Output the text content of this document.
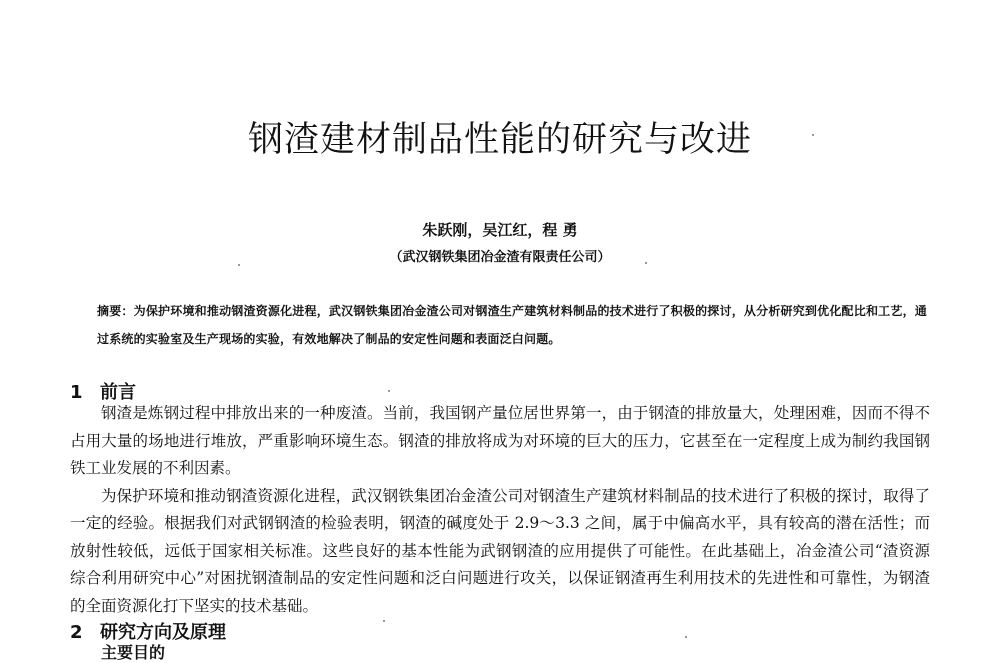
钢渣建材制品性能的研究与改进
朱跃刚，吴江红，程 勇
（武汉钢铁集团冶金渣有限责任公司）
摘要：为保护环境和推动钢渣资源化进程，武汉钢铁集团冶金渣公司对钢渣生产建筑材料制品的技术进行了积极的探讨，从分析研究到优化配比和工艺，通过系统的实验室及生产现场的实验，有效地解决了制品的安定性问题和表面泛白问题。
1 前言

钢渣是炼钢过程中排放出来的一种废渣。当前，我国钢产量位居世界第一，由于钢渣的排放量大，处理困难，因而不得不占用大量的场地进行堆放，严重影响环境生态。钢渣的排放将成为对环境的巨大的压力，它甚至在一定程度上成为制约我国钢铁工业发展的不利因素。

为保护环境和推动钢渣资源化进程，武汉钢铁集团冶金渣公司对钢渣生产建筑材料制品的技术进行了积极的探讨，取得了一定的经验。根据我们对武钢钢渣的检验表明，钢渣的碱度处于 2.9～3.3 之间，属于中偏高水平，具有较高的潜在活性；而放射性较低，远低于国家相关标准。这些良好的基本性能为武钢钢渣的应用提供了可能性。在此基础上，冶金渣公司“渣资源综合利用研究中心”对困扰钢渣制品的安定性问题和泛白问题进行攻关，以保证钢渣再生利用技术的先进性和可靠性，为钢渣的全面资源化打下坚实的技术基础。

2 研究方向及原理
主要目的
